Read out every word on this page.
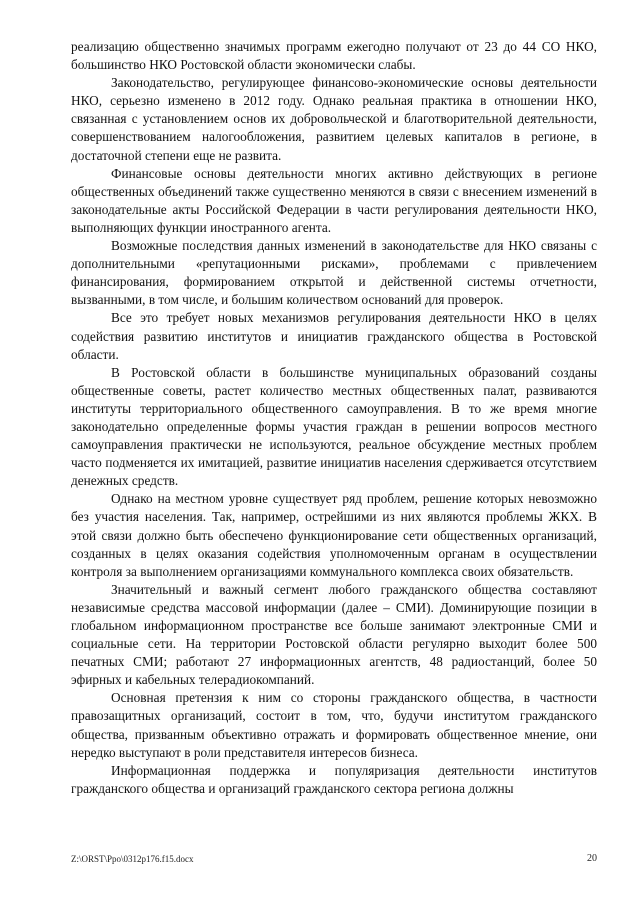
реализацию общественно значимых программ ежегодно получают от 23 до 44 СО НКО, большинство НКО Ростовской области экономически слабы.

Законодательство, регулирующее финансово-экономические основы деятельности НКО, серьезно изменено в 2012 году. Однако реальная практика в отношении НКО, связанная с установлением основ их добровольческой и благотворительной деятельности, совершенствованием налогообложения, развитием целевых капиталов в регионе, в достаточной степени еще не развита.

Финансовые основы деятельности многих активно действующих в регионе общественных объединений также существенно меняются в связи с внесением изменений в законодательные акты Российской Федерации в части регулирования деятельности НКО, выполняющих функции иностранного агента.

Возможные последствия данных изменений в законодательстве для НКО связаны с дополнительными «репутационными рисками», проблемами с привлечением финансирования, формированием открытой и действенной системы отчетности, вызванными, в том числе, и большим количеством оснований для проверок.

Все это требует новых механизмов регулирования деятельности НКО в целях содействия развитию институтов и инициатив гражданского общества в Ростовской области.

В Ростовской области в большинстве муниципальных образований созданы общественные советы, растет количество местных общественных палат, развиваются институты территориального общественного самоуправления. В то же время многие законодательно определенные формы участия граждан в решении вопросов местного самоуправления практически не используются, реальное обсуждение местных проблем часто подменяется их имитацией, развитие инициатив населения сдерживается отсутствием денежных средств.

Однако на местном уровне существует ряд проблем, решение которых невозможно без участия населения. Так, например, острейшими из них являются проблемы ЖКХ. В этой связи должно быть обеспечено функционирование сети общественных организаций, созданных в целях оказания содействия уполномоченным органам в осуществлении контроля за выполнением организациями коммунального комплекса своих обязательств.

Значительный и важный сегмент любого гражданского общества составляют независимые средства массовой информации (далее – СМИ). Доминирующие позиции в глобальном информационном пространстве все больше занимают электронные СМИ и социальные сети. На территории Ростовской области регулярно выходит более 500 печатных СМИ; работают 27 информационных агентств, 48 радиостанций, более 50 эфирных и кабельных телерадиокомпаний.

Основная претензия к ним со стороны гражданского общества, в частности правозащитных организаций, состоит в том, что, будучи институтом гражданского общества, призванным объективно отражать и формировать общественное мнение, они нередко выступают в роли представителя интересов бизнеса.

Информационная поддержка и популяризация деятельности институтов гражданского общества и организаций гражданского сектора региона должны

Z:\ORST\Ppo\0312p176.f15.docx	20
